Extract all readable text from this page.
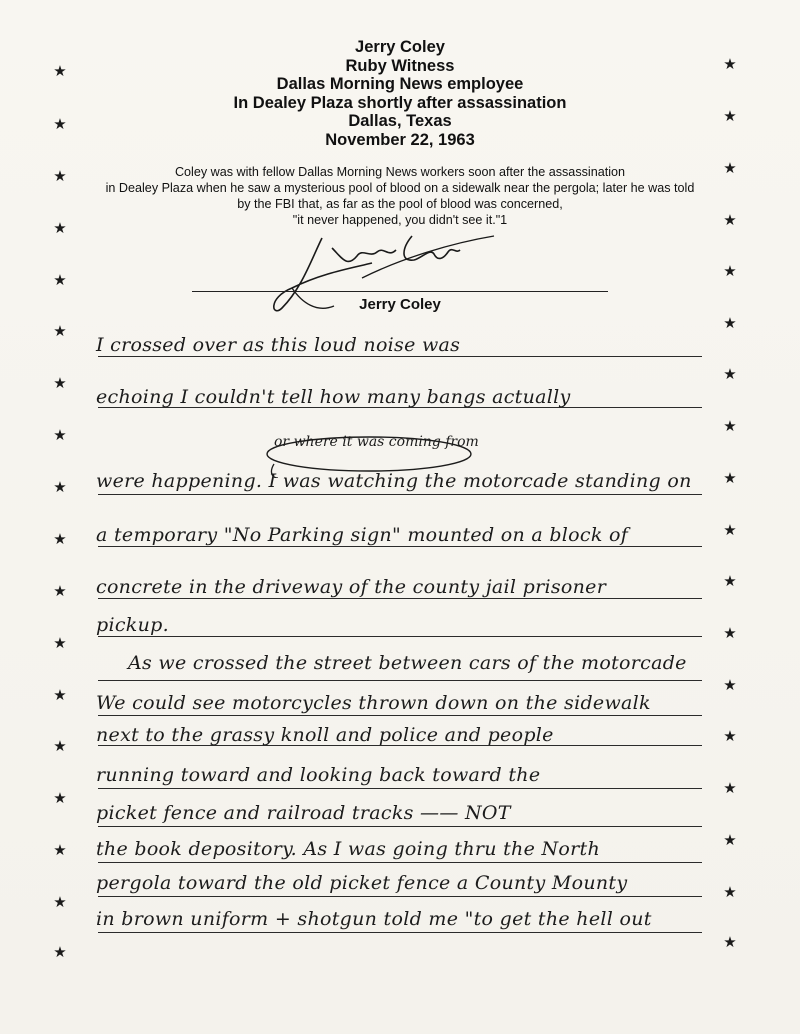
Jerry Coley
Ruby Witness
Dallas Morning News employee
In Dealey Plaza shortly after assassination
Dallas, Texas
November 22, 1963
Coley was with fellow Dallas Morning News workers soon after the assassination
in Dealey Plaza when he saw a mysterious pool of blood on a sidewalk near the pergola; later he was told
by the FBI that, as far as the pool of blood was concerned,
"it never happened, you didn't see it."1
Jerry Coley
★
★
★
★
★
★
★
★
★
★
★
★
★
★
★
★
★
★
★
★
★
★
★
★
★
★
★
★
★
★
★
★
★
★
★
★
or where it was coming from
I crossed over as this loud noise was
echoing I couldn't tell how many bangs actually
were happening. I was watching the motorcade standing on
a temporary "No Parking sign" mounted on a block of
concrete in the driveway of the county jail prisoner
pickup.
As we crossed the street between cars of the motorcade
We could see motorcycles thrown down on the sidewalk
next to the grassy knoll and police and people
running toward and looking back toward the
picket fence and railroad tracks —— NOT
the book depository. As I was going thru the North
pergola toward the old picket fence a County Mounty
in brown uniform + shotgun told me "to get the hell out
